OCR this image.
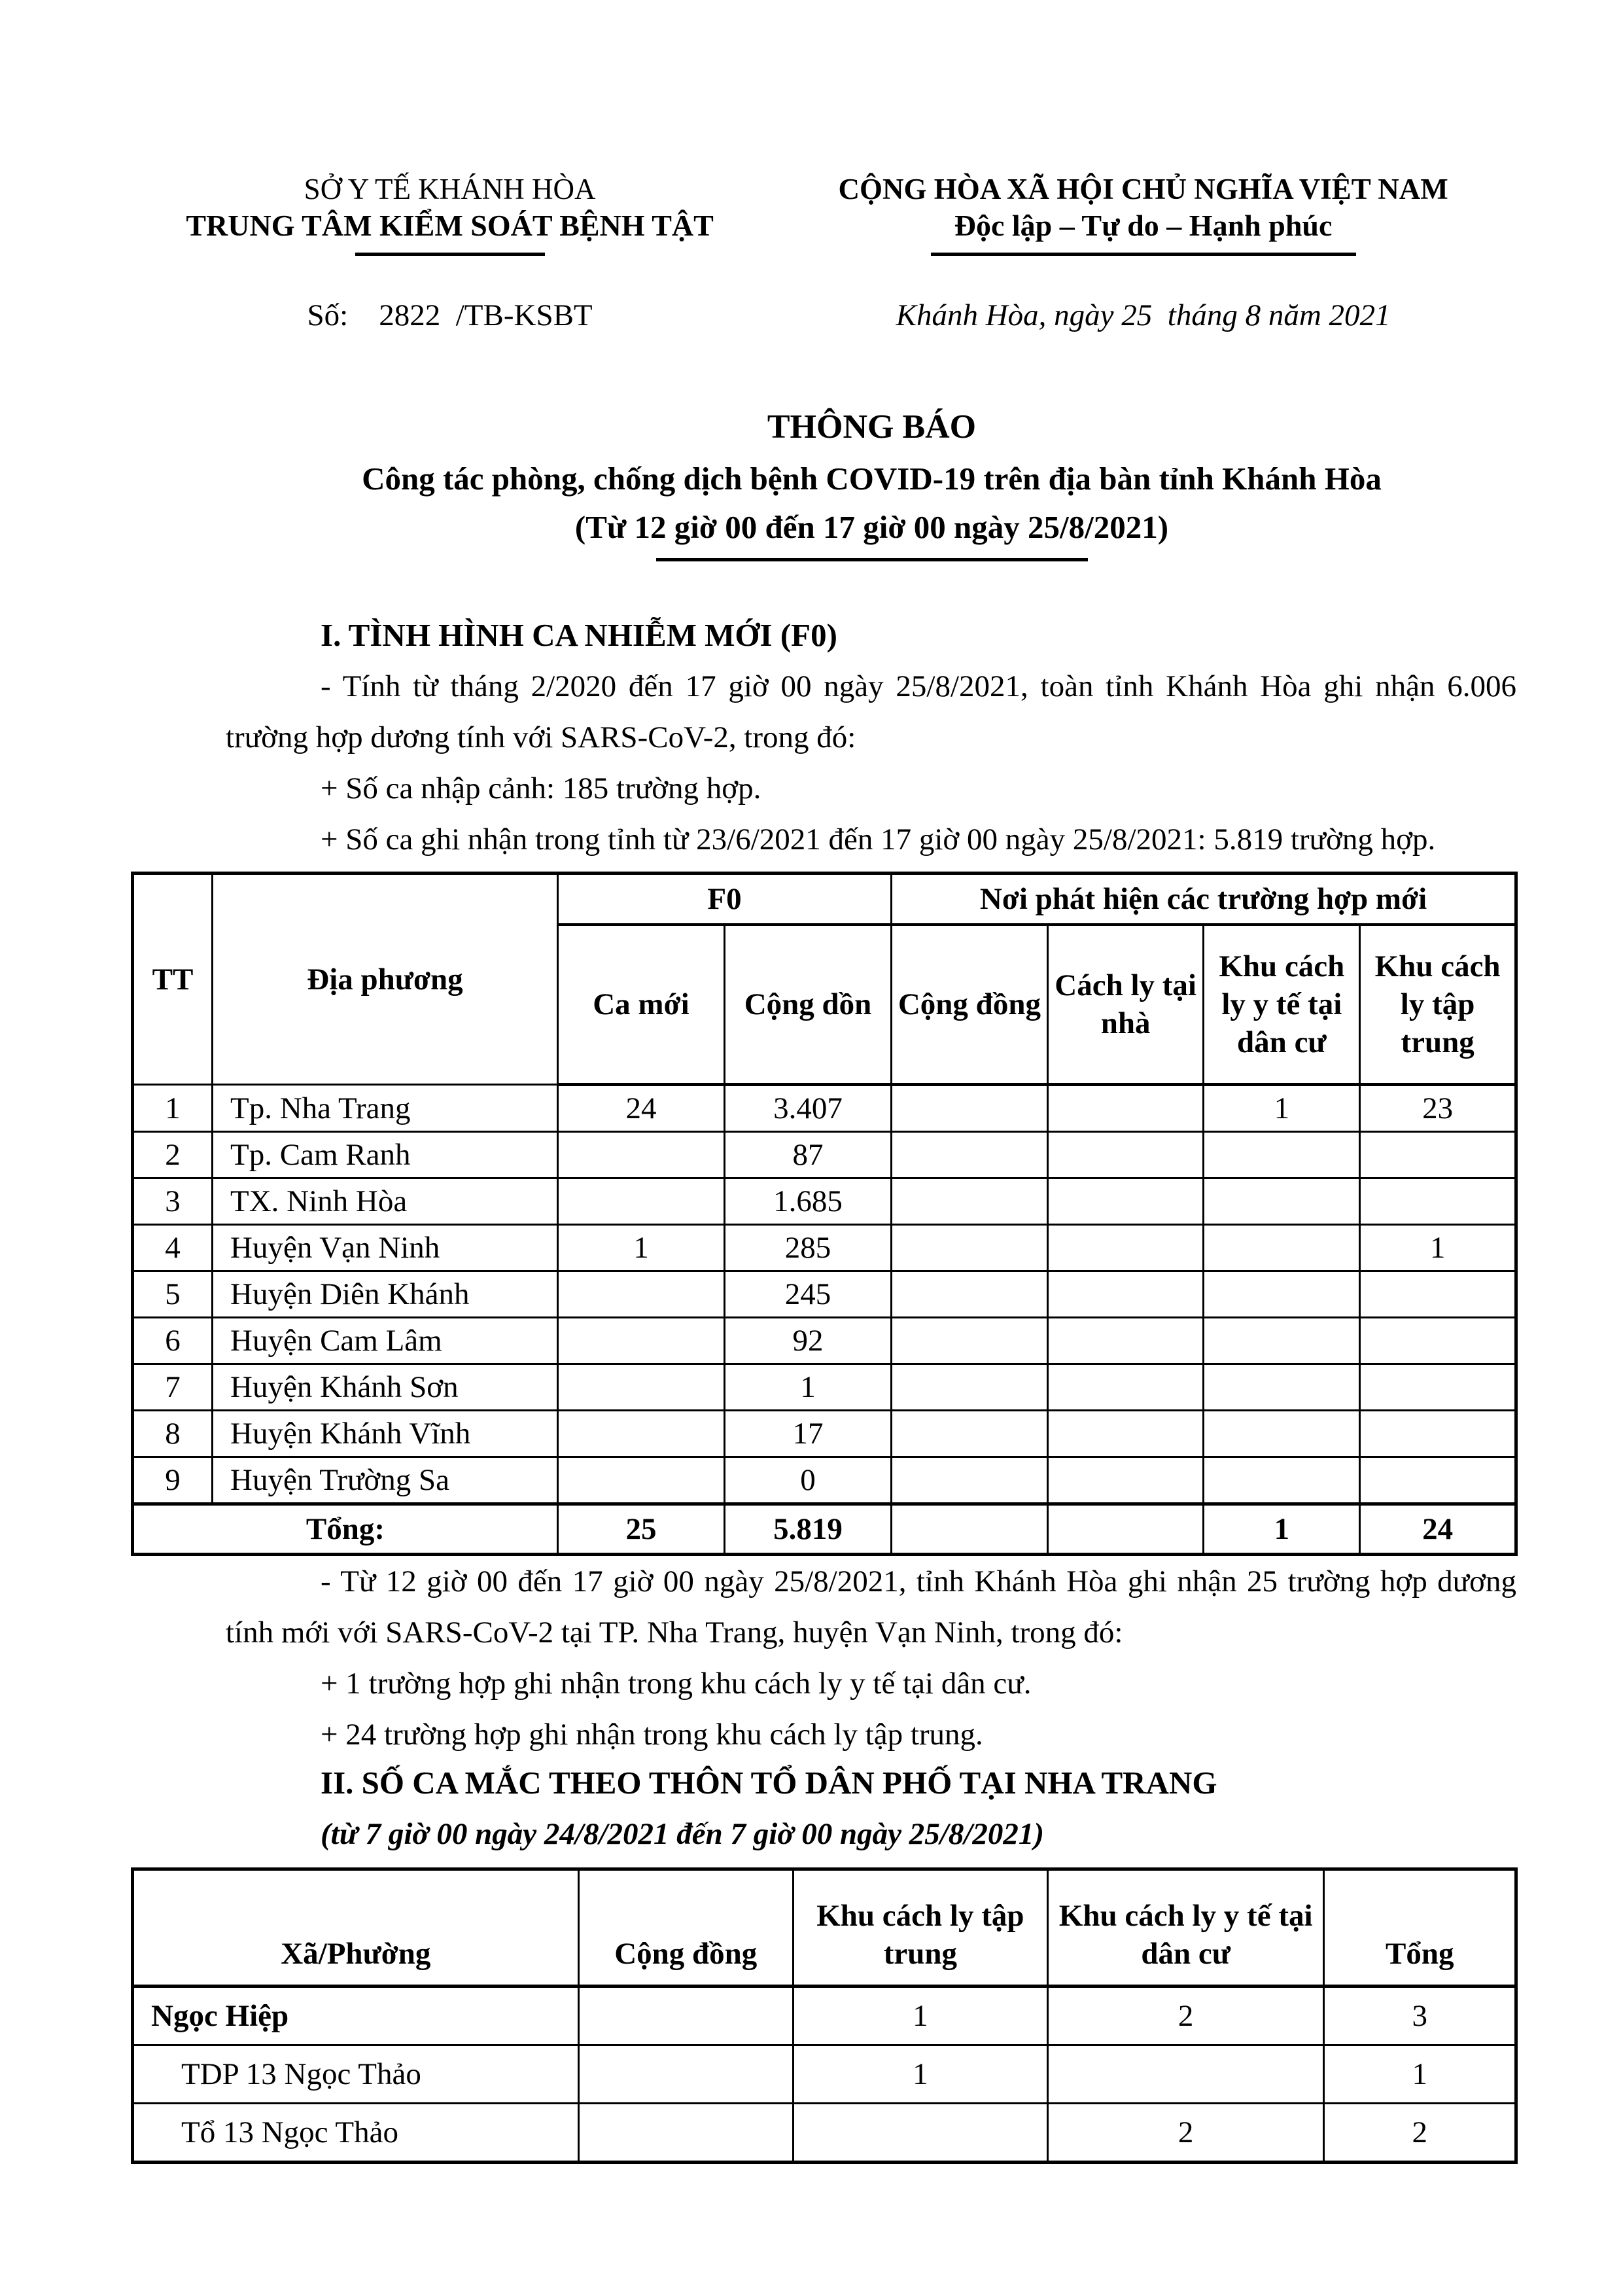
SỞ Y TẾ KHÁNH HÒA
TRUNG TÂM KIỂM SOÁT BỆNH TẬT
Số:    2822  /TB-KSBT
CỘNG HÒA XÃ HỘI CHỦ NGHĨA VIỆT NAM
Độc lập – Tự do – Hạnh phúc
Khánh Hòa, ngày 25  tháng 8 năm 2021
THÔNG BÁO
Công tác phòng, chống dịch bệnh COVID-19 trên địa bàn tỉnh Khánh Hòa
(Từ 12 giờ 00 đến 17 giờ 00 ngày 25/8/2021)
I. TÌNH HÌNH CA NHIỄM MỚI (F0)

- Tính từ tháng 2/2020 đến 17 giờ 00 ngày 25/8/2021, toàn tỉnh Khánh Hòa ghi nhận 6.006 trường hợp dương tính với SARS-CoV-2, trong đó:

+ Số ca nhập cảnh: 185 trường hợp.

+ Số ca ghi nhận trong tỉnh từ 23/6/2021 đến 17 giờ 00 ngày 25/8/2021: 5.819 trường hợp.

TT	Địa phương	F0		Nơi phát hiện các trường hợp mới			
		Ca mới	Cộng dồn	Cộng đồng	Cách ly tại nhà	Khu cách ly y tế tại dân cư	Khu cách ly tập trung
1	Tp. Nha Trang	24	3.407			1	23
2	Tp. Cam Ranh		87				
3	TX. Ninh Hòa		1.685				
4	Huyện Vạn Ninh	1	285				1
5	Huyện Diên Khánh		245				
6	Huyện Cam Lâm		92				
7	Huyện Khánh Sơn		1				
8	Huyện Khánh Vĩnh		17				
9	Huyện Trường Sa		0				
Tổng:		25	5.819			1	24

- Từ 12 giờ 00 đến 17 giờ 00 ngày 25/8/2021, tỉnh Khánh Hòa ghi nhận 25 trường hợp dương tính mới với SARS-CoV-2 tại TP. Nha Trang, huyện Vạn Ninh, trong đó:

+ 1 trường hợp ghi nhận trong khu cách ly y tế tại dân cư.

+ 24 trường hợp ghi nhận trong khu cách ly tập trung.

II. SỐ CA MẮC THEO THÔN TỔ DÂN PHỐ TẠI NHA TRANG

(từ 7 giờ 00 ngày 24/8/2021 đến 7 giờ 00 ngày 25/8/2021)

Xã/Phường	Cộng đồng	Khu cách ly tập trung	Khu cách ly y tế tại dân cư	Tổng
Ngọc Hiệp		1	2	3
TDP 13 Ngọc Thảo		1		1
Tổ 13 Ngọc Thảo			2	2
